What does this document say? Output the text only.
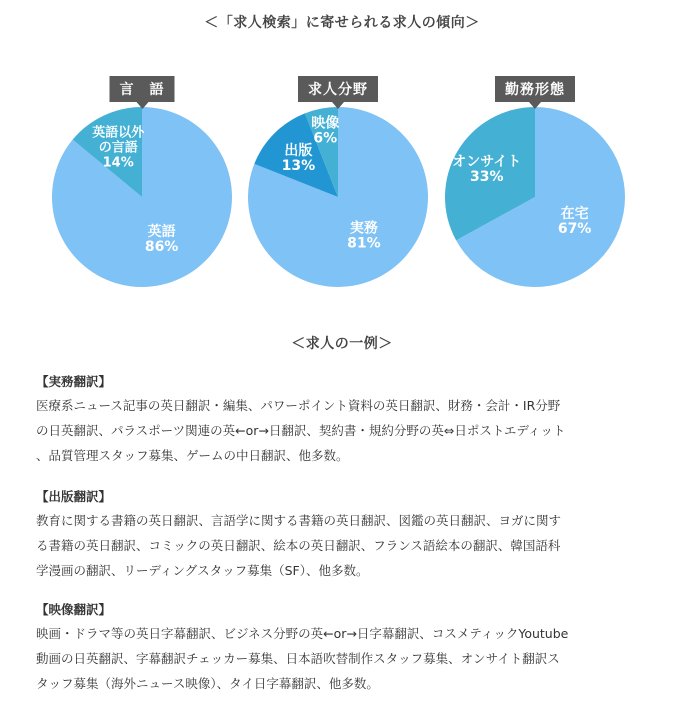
＜「求人検索」に寄せられる求人の傾向＞
英語 86%
英語以外の言語 14%
言　語
実務 81%
出版 13%
映像 6%
求人分野
在宅 67%
オンサイト 33%
勤務形態
＜求人の一例＞
【実務翻訳】
医療系ニュース記事の英日翻訳・編集、パワーポイント資料の英日翻訳、財務・会計・IR分野
の日英翻訳、パラスポーツ関連の英←or→日翻訳、契約書・規約分野の英⇔日ポストエディット
、品質管理スタッフ募集、ゲームの中日翻訳、他多数。
【出版翻訳】
教育に関する書籍の英日翻訳、言語学に関する書籍の英日翻訳、図鑑の英日翻訳、ヨガに関す
る書籍の英日翻訳、コミックの英日翻訳、絵本の英日翻訳、フランス語絵本の翻訳、韓国語科
学漫画の翻訳、リーディングスタッフ募集（SF）、他多数。
【映像翻訳】
映画・ドラマ等の英日字幕翻訳、ビジネス分野の英←or→日字幕翻訳、コスメティックYoutube
動画の日英翻訳、字幕翻訳チェッカー募集、日本語吹替制作スタッフ募集、オンサイト翻訳ス
タッフ募集（海外ニュース映像）、タイ日字幕翻訳、他多数。
